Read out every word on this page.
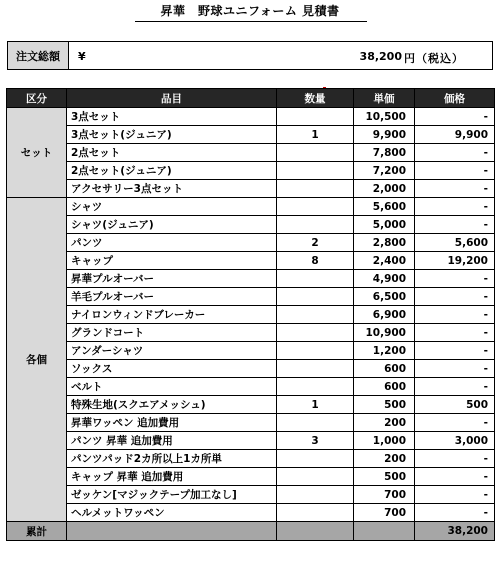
昇華　野球ユニフォーム 見積書
注文総額	¥	38,200 円（税込）
区分	品目	数量	単価	価格
セット	3点セット		10,500	-
	3点セット(ジュニア)	1	9,900	9,900
	2点セット		7,800	-
	2点セット(ジュニア)		7,200	-
	アクセサリー3点セット		2,000	-
各個	シャツ		5,600	-
	シャツ(ジュニア)		5,000	-
	パンツ	2	2,800	5,600
	キャップ	8	2,400	19,200
	昇華プルオーバー		4,900	-
	羊毛プルオーバー		6,500	-
	ナイロンウィンドブレーカー		6,900	-
	グランドコート		10,900	-
	アンダーシャツ		1,200	-
	ソックス		600	-
	ベルト		600	-
	特殊生地(スクエアメッシュ)	1	500	500
	昇華ワッペン 追加費用		200	-
	パンツ 昇華 追加費用	3	1,000	3,000
	パンツパッド2カ所以上1カ所単		200	-
	キャップ 昇華 追加費用		500	-
	ゼッケン[マジックテープ加工なし]		700	-
	ヘルメットワッペン		700	-
累計				38,200
